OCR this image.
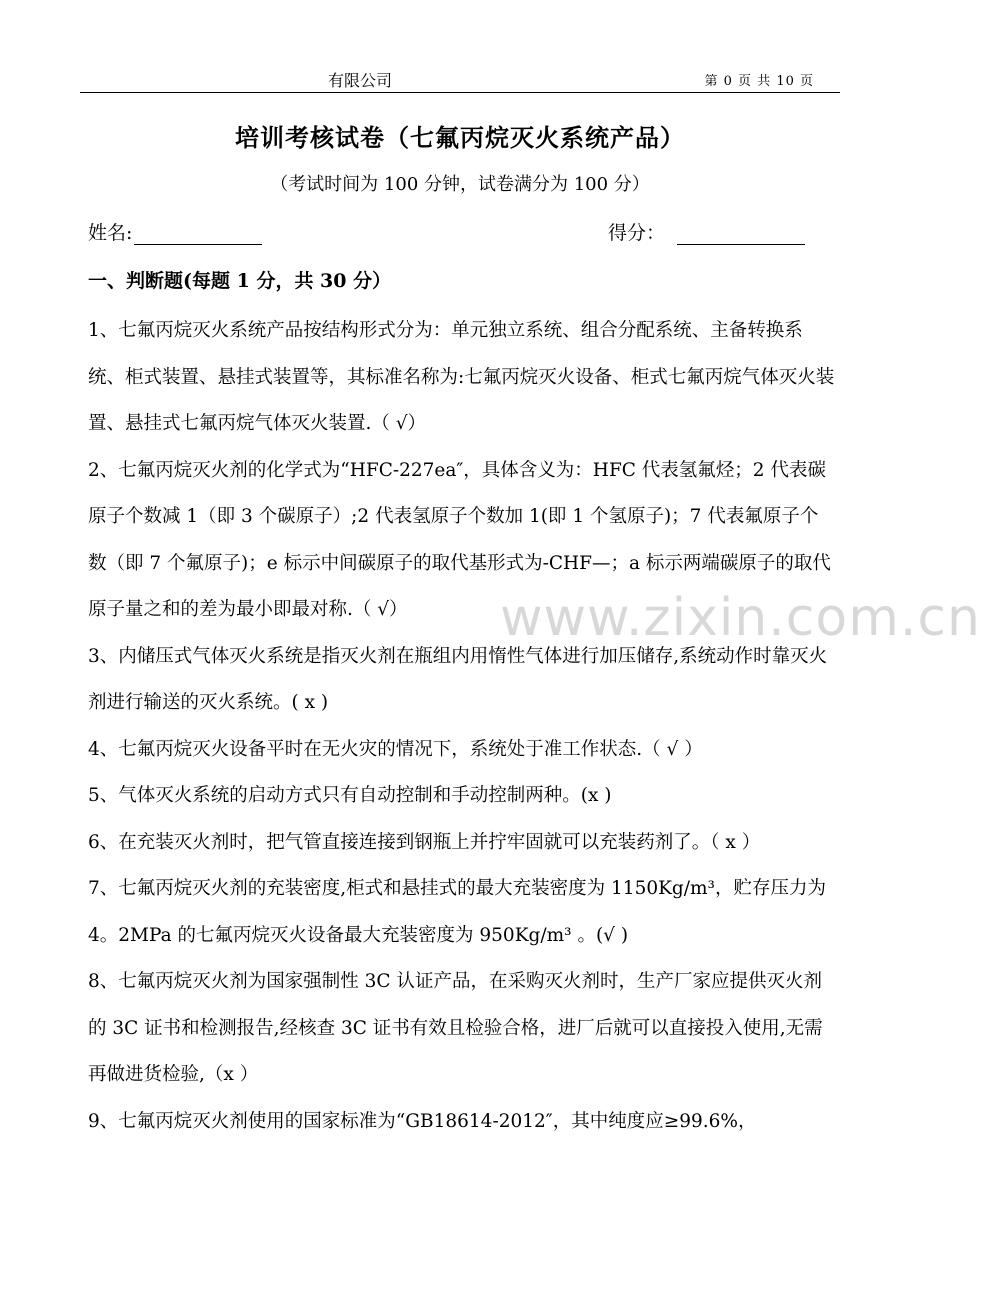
有限公司	第 0 页 共 10 页
培训考核试卷（七氟丙烷灭火系统产品）
（考试时间为 100 分钟，试卷满分为 100 分）
姓名:	得分：
一、判断题(每题 1 分，共 30 分）

1、七氟丙烷灭火系统产品按结构形式分为：单元独立系统、组合分配系统、主备转换系统、柜式装置、悬挂式装置等，其标准名称为:七氟丙烷灭火设备、柜式七氟丙烷气体灭火装置、悬挂式七氟丙烷气体灭火装置.（ √）

2、七氟丙烷灭火剂的化学式为“HFC-227ea″，具体含义为：HFC 代表氢氟烃；2 代表碳原子个数减 1（即 3 个碳原子）;2 代表氢原子个数加 1(即 1 个氢原子)；7 代表氟原子个数（即 7 个氟原子)；e 标示中间碳原子的取代基形式为-CHF—；a 标示两端碳原子的取代原子量之和的差为最小即最对称.（ √）

3、内储压式气体灭火系统是指灭火剂在瓶组内用惰性气体进行加压储存,系统动作时靠灭火剂进行输送的灭火系统。( x )

4、七氟丙烷灭火设备平时在无火灾的情况下，系统处于准工作状态.（ √ ）

5、气体灭火系统的启动方式只有自动控制和手动控制两种。(x )

6、在充装灭火剂时，把气管直接连接到钢瓶上并拧牢固就可以充装药剂了。（ x ）

7、七氟丙烷灭火剂的充装密度,柜式和悬挂式的最大充装密度为 1150Kg/m³，贮存压力为 4。2MPa 的七氟丙烷灭火设备最大充装密度为 950Kg/m³ 。(√ )

8、七氟丙烷灭火剂为国家强制性 3C 认证产品，在采购灭火剂时，生产厂家应提供灭火剂的 3C 证书和检测报告,经核查 3C 证书有效且检验合格，进厂后就可以直接投入使用,无需再做进货检验,（x ）

9、七氟丙烷灭火剂使用的国家标准为“GB18614-2012″，其中纯度应≥99.6%，

www.zixin.com.cn
